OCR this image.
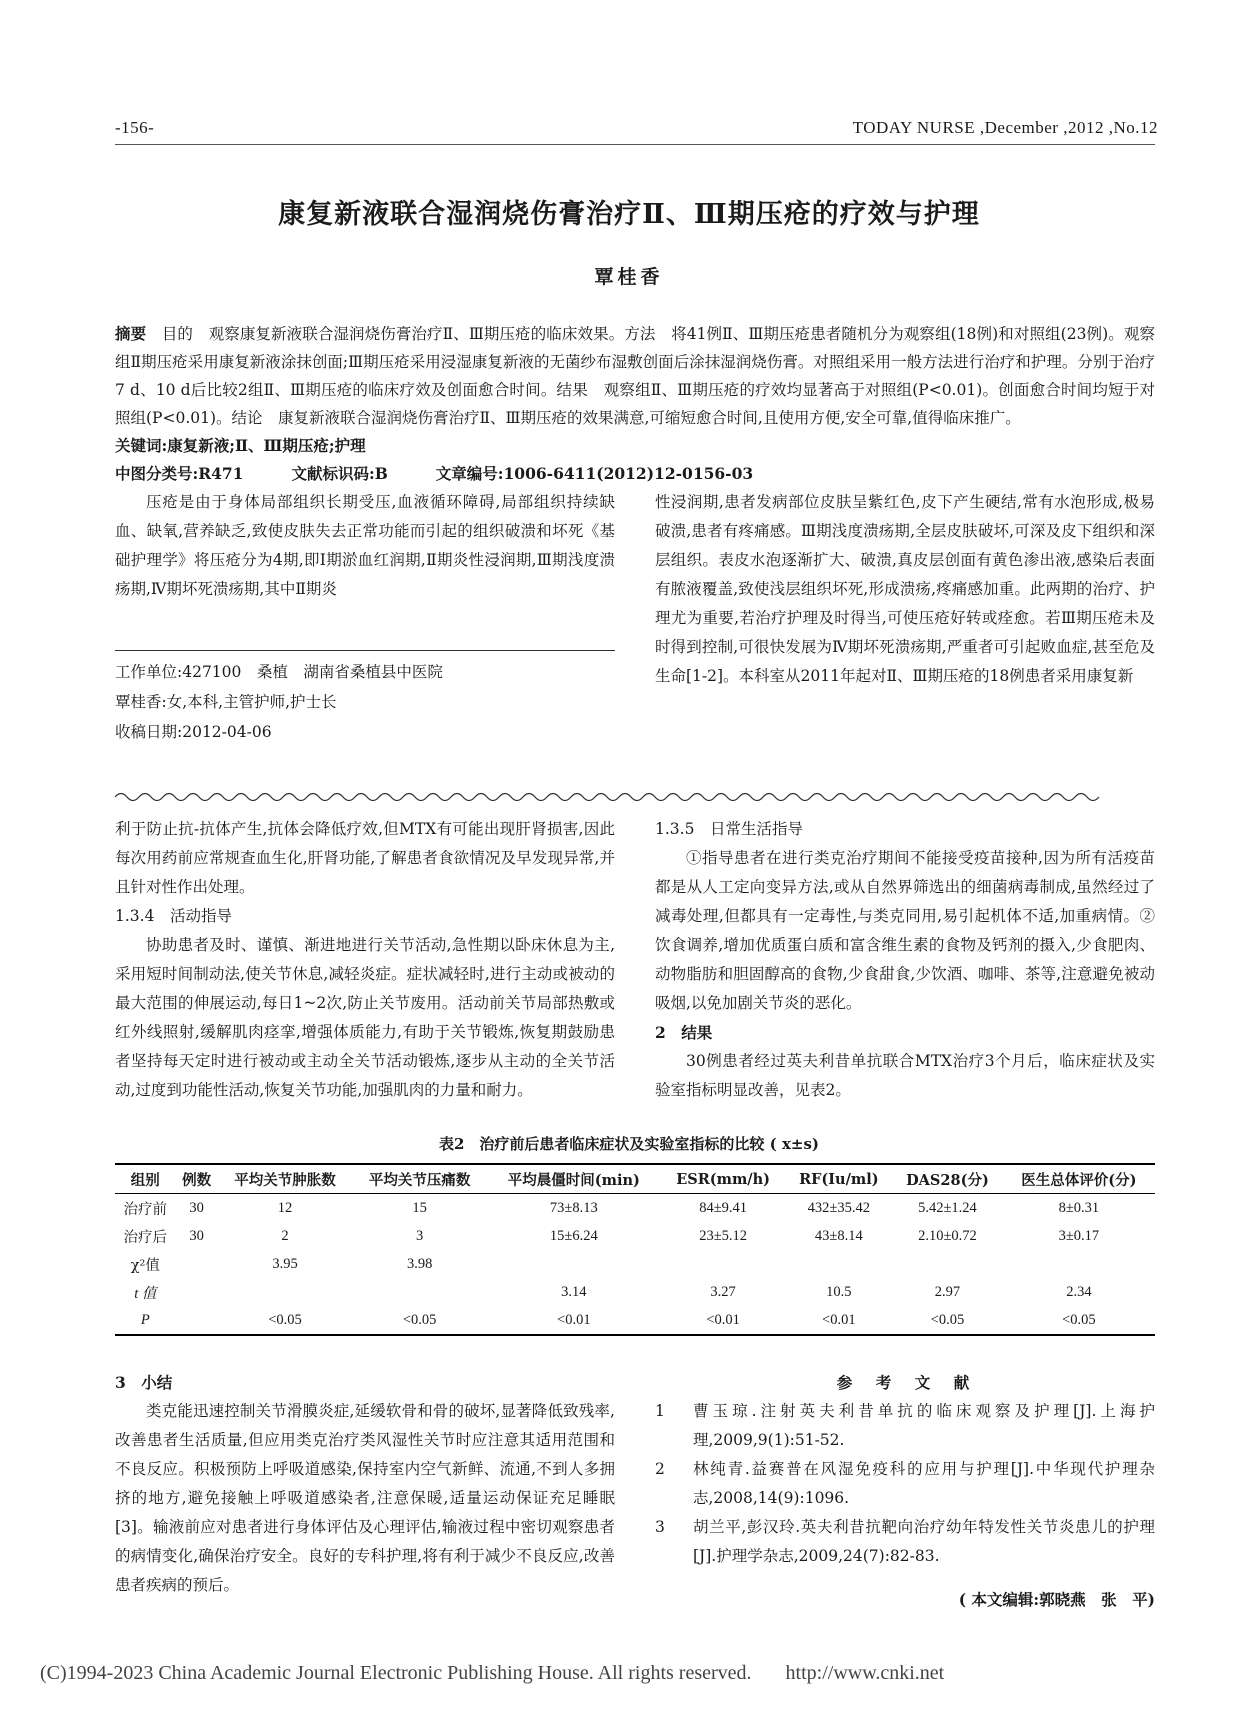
-156-	TODAY NURSE ,December ,2012 ,No.12
康复新液联合湿润烧伤膏治疗Ⅱ、Ⅲ期压疮的疗效与护理
覃桂香

摘要　 目的　观察康复新液联合湿润烧伤膏治疗Ⅱ、Ⅲ期压疮的临床效果。方法　将41例Ⅱ、Ⅲ期压疮患者随机分为观察组(18例)和对照组(23例)。观察组Ⅱ期压疮采用康复新液涂抹创面;Ⅲ期压疮采用浸湿康复新液的无菌纱布湿敷创面后涂抹湿润烧伤膏。对照组采用一般方法进行治疗和护理。分别于治疗7 d、10 d后比较2组Ⅱ、Ⅲ期压疮的临床疗效及创面愈合时间。结果　观察组Ⅱ、Ⅲ期压疮的疗效均显著高于对照组(P<0.01)。创面愈合时间均短于对照组(P<0.01)。结论　康复新液联合湿润烧伤膏治疗Ⅱ、Ⅲ期压疮的效果满意,可缩短愈合时间,且使用方便,安全可靠,值得临床推广。

关键词:康复新液;Ⅱ、Ⅲ期压疮;护理

中图分类号:R471	文献标识码:B	文章编号:1006-6411(2012)12-0156-03

压疮是由于身体局部组织长期受压,血液循环障碍,局部组织持续缺血、缺氧,营养缺乏,致使皮肤失去正常功能而引起的组织破溃和坏死《基础护理学》将压疮分为4期,即Ⅰ期淤血红润期,Ⅱ期炎性浸润期,Ⅲ期浅度溃疡期,Ⅳ期坏死溃疡期,其中Ⅱ期炎

工作单位:427100　桑植　湖南省桑植县中医院

覃桂香:女,本科,主管护师,护士长

收稿日期:2012-04-06

性浸润期,患者发病部位皮肤呈紫红色,皮下产生硬结,常有水泡形成,极易破溃,患者有疼痛感。Ⅲ期浅度溃疡期,全层皮肤破坏,可深及皮下组织和深层组织。表皮水泡逐渐扩大、破溃,真皮层创面有黄色渗出液,感染后表面有脓液覆盖,致使浅层组织坏死,形成溃疡,疼痛感加重。此两期的治疗、护理尤为重要,若治疗护理及时得当,可使压疮好转或痊愈。若Ⅲ期压疮未及时得到控制,可很快发展为Ⅳ期坏死溃疡期,严重者可引起败血症,甚至危及生命[1-2]。本科室从2011年起对Ⅱ、Ⅲ期压疮的18例患者采用康复新

利于防止抗-抗体产生,抗体会降低疗效,但MTX有可能出现肝肾损害,因此每次用药前应常规查血生化,肝肾功能,了解患者食欲情况及早发现异常,并且针对性作出处理。

1.3.4　活动指导

协助患者及时、谨慎、渐进地进行关节活动,急性期以卧床休息为主,采用短时间制动法,使关节休息,减轻炎症。症状减轻时,进行主动或被动的最大范围的伸展运动,每日1~2次,防止关节废用。活动前关节局部热敷或红外线照射,缓解肌肉痉挛,增强体质能力,有助于关节锻炼,恢复期鼓励患者坚持每天定时进行被动或主动全关节活动锻炼,逐步从主动的全关节活动,过度到功能性活动,恢复关节功能,加强肌肉的力量和耐力。

1.3.5　日常生活指导

①指导患者在进行类克治疗期间不能接受疫苗接种,因为所有活疫苗都是从人工定向变异方法,或从自然界筛选出的细菌病毒制成,虽然经过了减毒处理,但都具有一定毒性,与类克同用,易引起机体不适,加重病情。②饮食调养,增加优质蛋白质和富含维生素的食物及钙剂的摄入,少食肥肉、动物脂肪和胆固醇高的食物,少食甜食,少饮酒、咖啡、茶等,注意避免被动吸烟,以免加剧关节炎的恶化。

2　结果

30例患者经过英夫利昔单抗联合MTX治疗3个月后，临床症状及实验室指标明显改善，见表2。

表2　治疗前后患者临床症状及实验室指标的比较 ( x±s)
组别	例数	平均关节肿胀数	平均关节压痛数	平均晨僵时间(min)	ESR(mm/h)	RF(Iu/ml)	DAS28(分)	医生总体评价(分)
治疗前	30	12	15	73±8.13	84±9.41	432±35.42	5.42±1.24	8±0.31
治疗后	30	2	3	15±6.24	23±5.12	43±8.14	2.10±0.72	3±0.17
χ²值		3.95	3.98					
t 值				3.14	3.27	10.5	2.97	2.34
P		<0.05	<0.05	<0.01	<0.01	<0.01	<0.05	<0.05

3　小结

类克能迅速控制关节滑膜炎症,延缓软骨和骨的破坏,显著降低致残率,改善患者生活质量,但应用类克治疗类风湿性关节时应注意其适用范围和不良反应。积极预防上呼吸道感染,保持室内空气新鲜、流通,不到人多拥挤的地方,避免接触上呼吸道感染者,注意保暖,适量运动保证充足睡眠[3]。输液前应对患者进行身体评估及心理评估,输液过程中密切观察患者的病情变化,确保治疗安全。良好的专科护理,将有利于减少不良反应,改善患者疾病的预后。

参　考　文　献

1	曹玉琼.注射英夫利昔单抗的临床观察及护理[J].上海护理,2009,9(1):51-52.
2	林纯青.益赛普在风湿免疫科的应用与护理[J].中华现代护理杂志,2008,14(9):1096.
3	胡兰平,彭汉玲.英夫利昔抗靶向治疗幼年特发性关节炎患儿的护理[J].护理学杂志,2009,24(7):82-83.

( 本文编辑:郭晓燕　张　平)

(C)1994-2023 China Academic Journal Electronic Publishing House. All rights reserved. http://www.cnki.net
